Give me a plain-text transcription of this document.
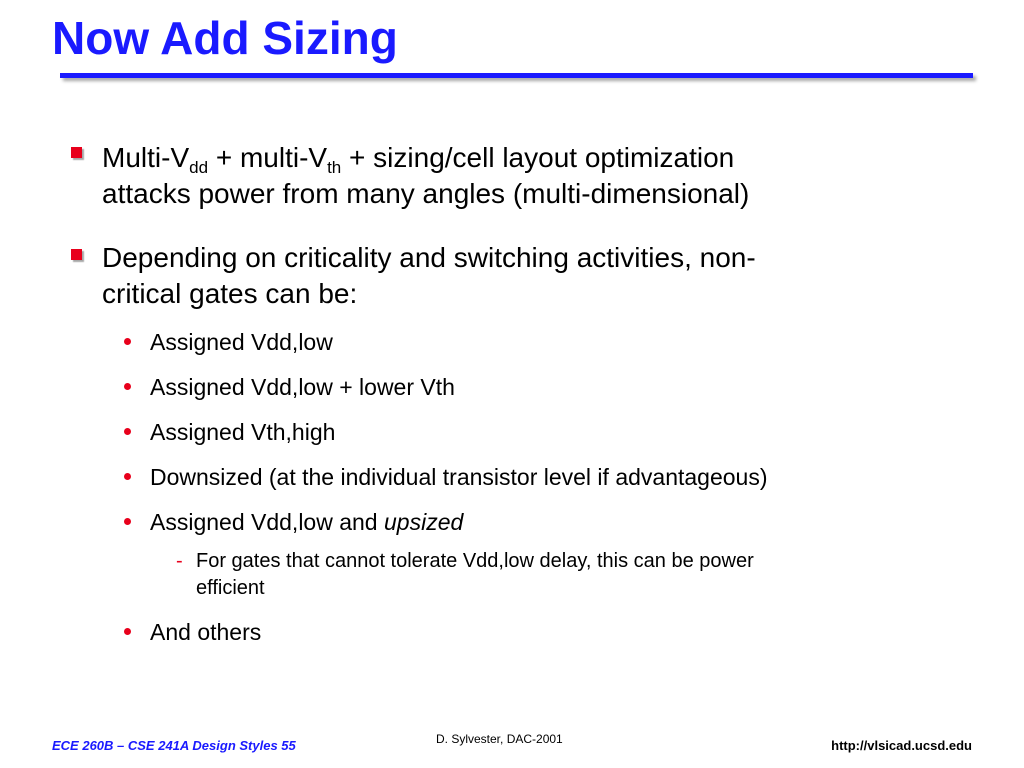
Now Add Sizing
Multi-$V_{dd}$ + multi-$V_{th}$ + sizing/cell layout optimization
attacks power from many angles (multi-dimensional)
Depending on criticality and switching activities, non-
critical gates can be:
Assigned Vdd,low
Assigned Vdd,low + lower Vth
Assigned Vth,high
Downsized (at the individual transistor level if advantageous)
Assigned Vdd,low and upsized
- For gates that cannot tolerate Vdd,low delay, this can be power
efficient
And others
ECE 260B – CSE 241A Design Styles 55	D. Sylvester, DAC-2001	http://vlsicad.ucsd.edu
